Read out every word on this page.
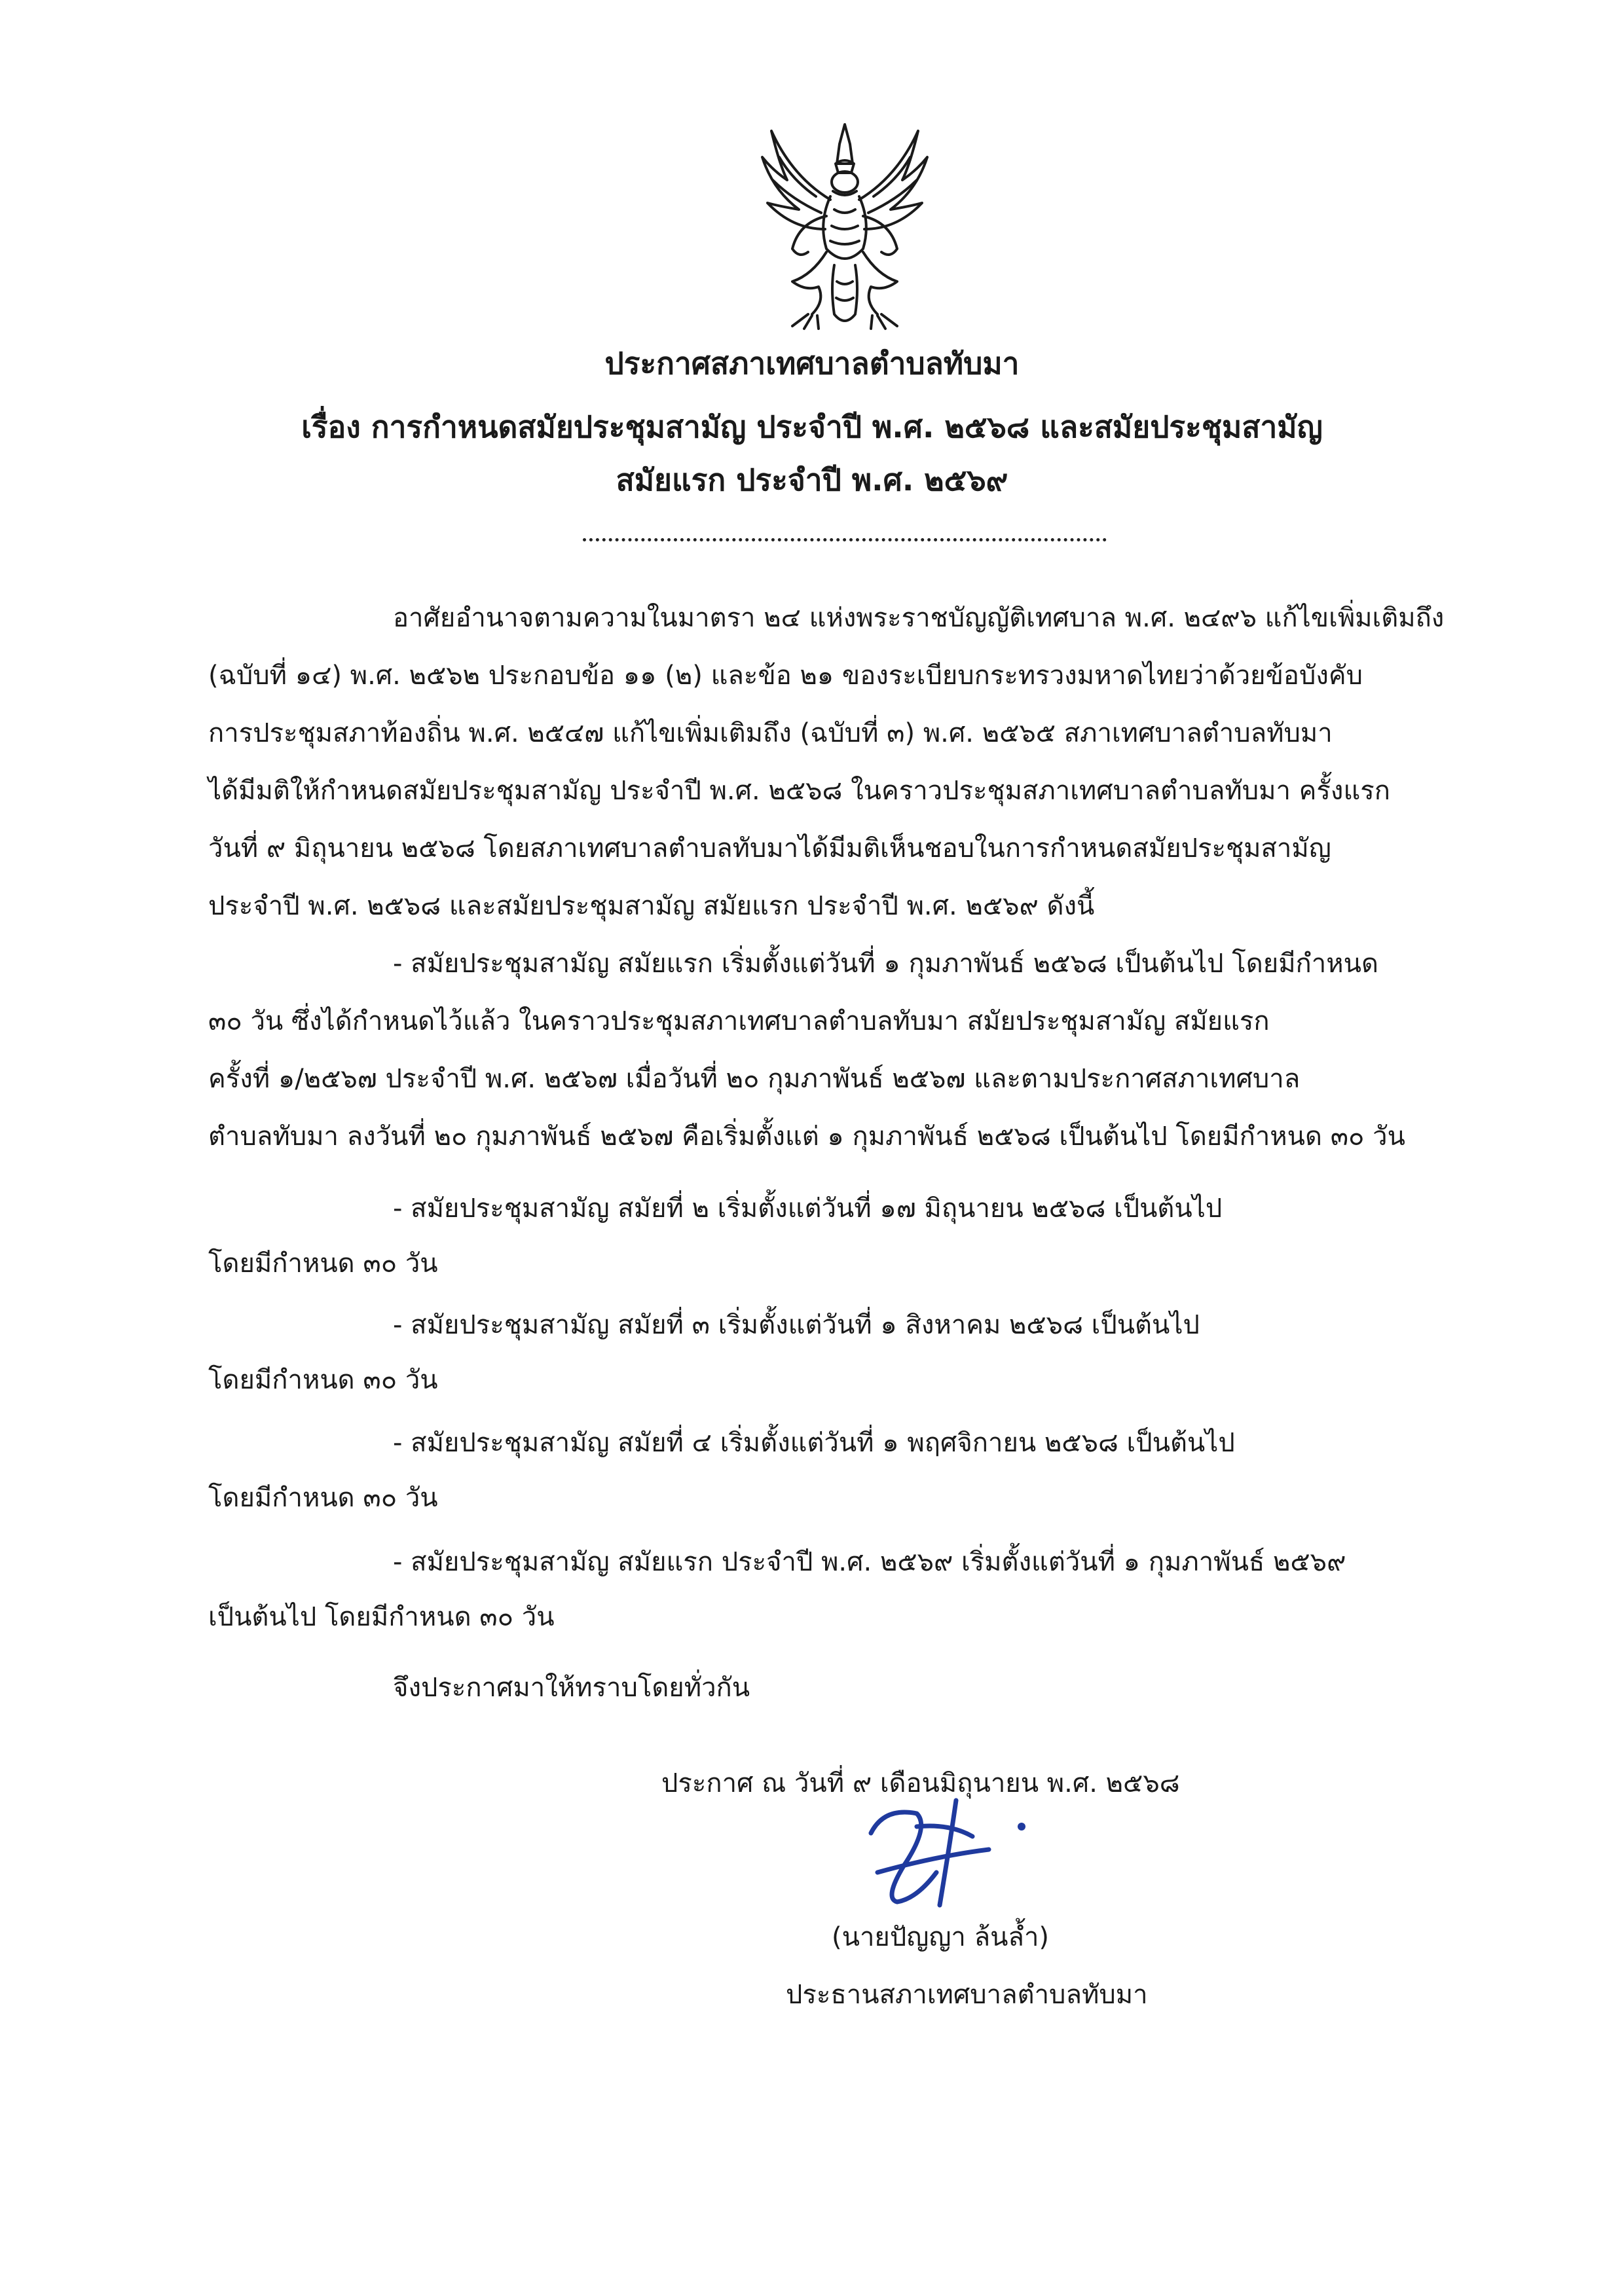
ประกาศสภาเทศบาลตำบลทับมา
เรื่อง การกำหนดสมัยประชุมสามัญ ประจำปี พ.ศ. ๒๕๖๘ และสมัยประชุมสามัญ
สมัยแรก ประจำปี พ.ศ. ๒๕๖๙
อาศัยอำนาจตามความในมาตรา ๒๔ แห่งพระราชบัญญัติเทศบาล พ.ศ. ๒๔๙๖ แก้ไขเพิ่มเติมถึง
(ฉบับที่ ๑๔) พ.ศ. ๒๕๖๒ ประกอบข้อ ๑๑ (๒) และข้อ ๒๑ ของระเบียบกระทรวงมหาดไทยว่าด้วยข้อบังคับ
การประชุมสภาท้องถิ่น พ.ศ. ๒๕๔๗ แก้ไขเพิ่มเติมถึง (ฉบับที่ ๓) พ.ศ. ๒๕๖๕ สภาเทศบาลตำบลทับมา
ได้มีมติให้กำหนดสมัยประชุมสามัญ ประจำปี พ.ศ. ๒๕๖๘ ในคราวประชุมสภาเทศบาลตำบลทับมา ครั้งแรก
วันที่ ๙ มิถุนายน ๒๕๖๘ โดยสภาเทศบาลตำบลทับมาได้มีมติเห็นชอบในการกำหนดสมัยประชุมสามัญ
ประจำปี พ.ศ. ๒๕๖๘ และสมัยประชุมสามัญ สมัยแรก ประจำปี พ.ศ. ๒๕๖๙ ดังนี้
- สมัยประชุมสามัญ สมัยแรก เริ่มตั้งแต่วันที่ ๑ กุมภาพันธ์ ๒๕๖๘ เป็นต้นไป โดยมีกำหนด
๓๐ วัน ซึ่งได้กำหนดไว้แล้ว ในคราวประชุมสภาเทศบาลตำบลทับมา สมัยประชุมสามัญ สมัยแรก
ครั้งที่ ๑/๒๕๖๗ ประจำปี พ.ศ. ๒๕๖๗ เมื่อวันที่ ๒๐ กุมภาพันธ์ ๒๕๖๗ และตามประกาศสภาเทศบาล
ตำบลทับมา ลงวันที่ ๒๐ กุมภาพันธ์ ๒๕๖๗ คือเริ่มตั้งแต่ ๑ กุมภาพันธ์ ๒๕๖๘ เป็นต้นไป โดยมีกำหนด ๓๐ วัน
- สมัยประชุมสามัญ สมัยที่ ๒ เริ่มตั้งแต่วันที่ ๑๗ มิถุนายน ๒๕๖๘ เป็นต้นไป
โดยมีกำหนด ๓๐ วัน
- สมัยประชุมสามัญ สมัยที่ ๓ เริ่มตั้งแต่วันที่ ๑ สิงหาคม ๒๕๖๘ เป็นต้นไป
โดยมีกำหนด ๓๐ วัน
- สมัยประชุมสามัญ สมัยที่ ๔ เริ่มตั้งแต่วันที่ ๑ พฤศจิกายน ๒๕๖๘ เป็นต้นไป
โดยมีกำหนด ๓๐ วัน
- สมัยประชุมสามัญ สมัยแรก ประจำปี พ.ศ. ๒๕๖๙ เริ่มตั้งแต่วันที่ ๑ กุมภาพันธ์ ๒๕๖๙
เป็นต้นไป โดยมีกำหนด ๓๐ วัน
จึงประกาศมาให้ทราบโดยทั่วกัน
ประกาศ ณ วันที่ ๙ เดือนมิถุนายน พ.ศ. ๒๕๖๘
(นายปัญญา ล้นล้ำ)
ประธานสภาเทศบาลตำบลทับมา
